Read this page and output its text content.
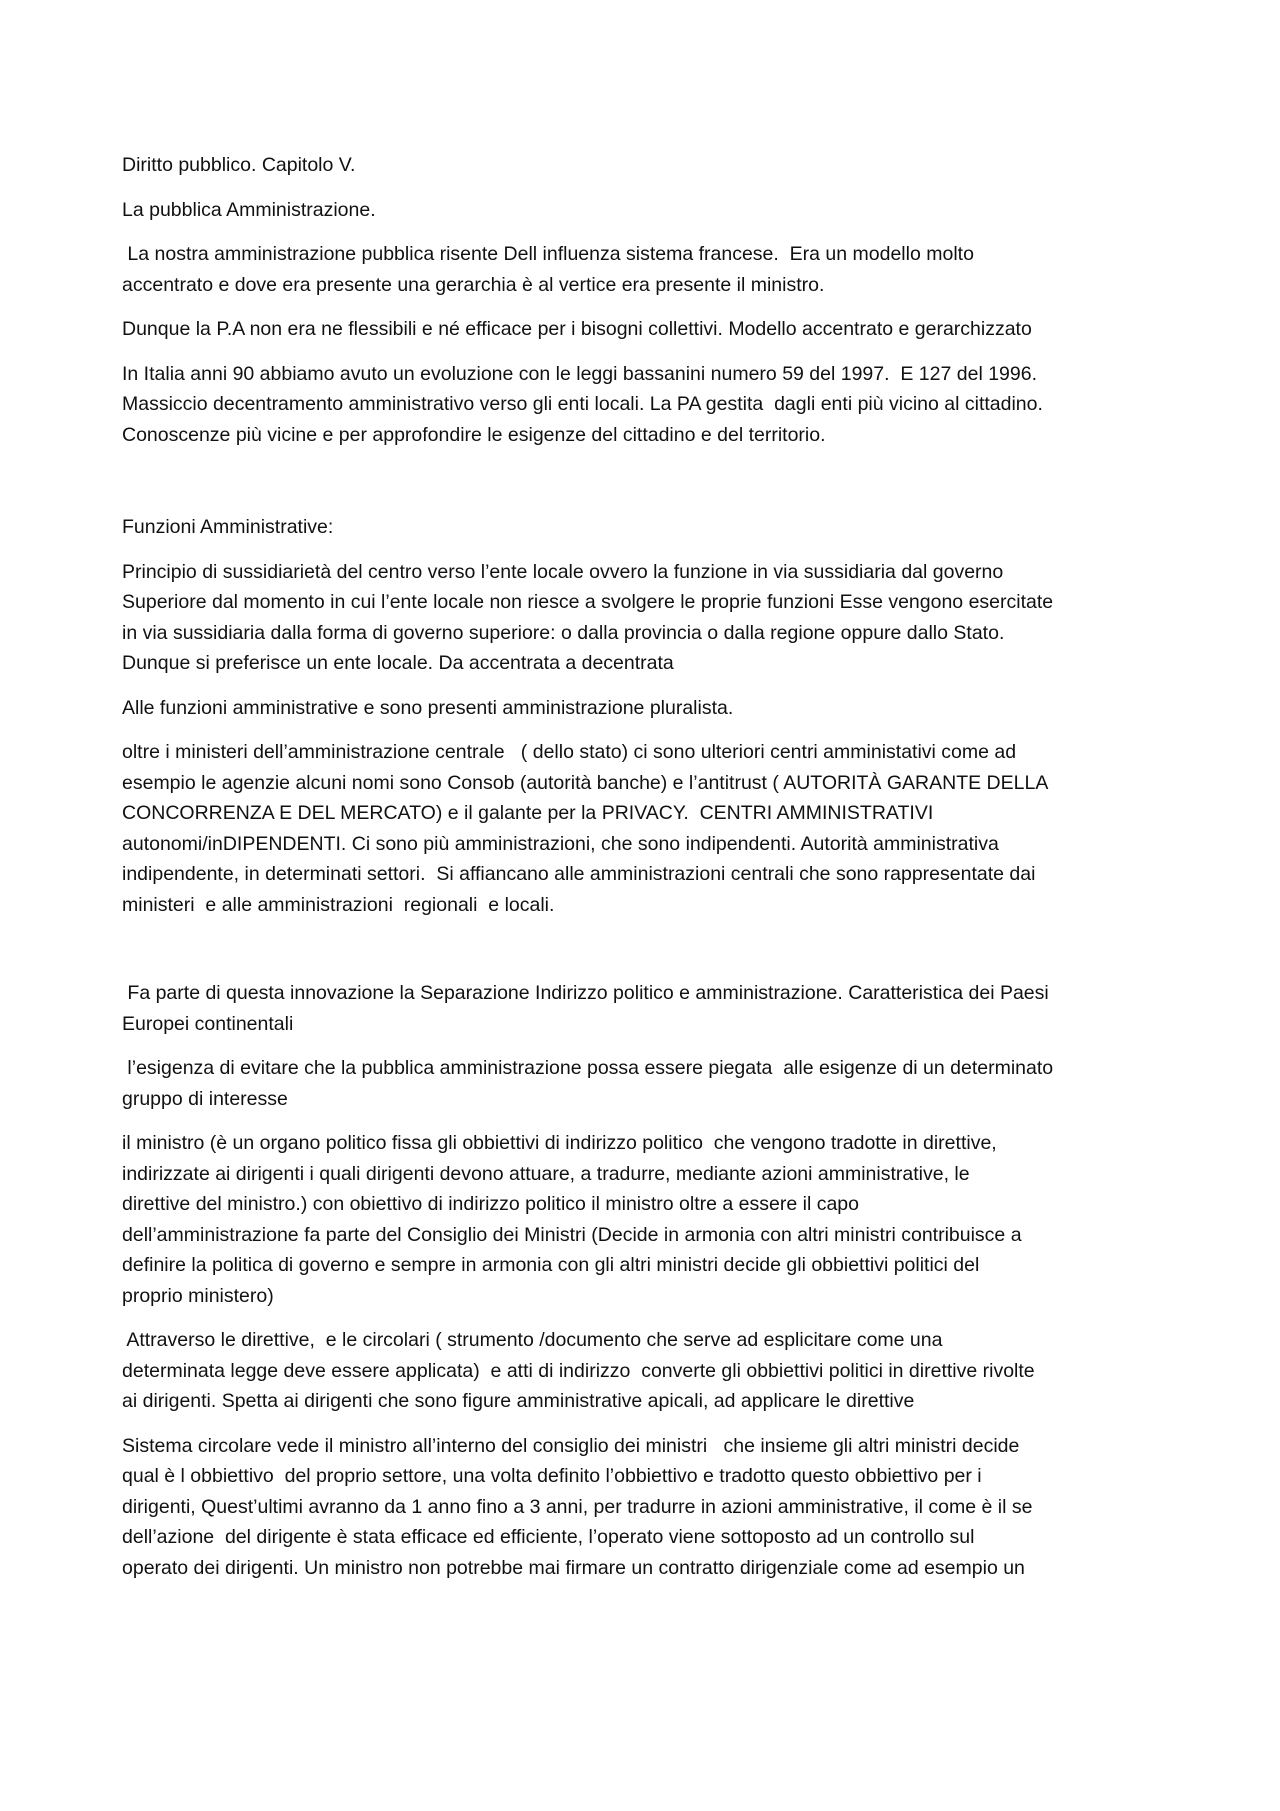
Diritto pubblico. Capitolo V.

La pubblica Amministrazione.

La nostra amministrazione pubblica risente Dell influenza sistema francese.  Era un modello molto
accentrato e dove era presente una gerarchia è al vertice era presente il ministro.

Dunque la P.A non era ne flessibili e né efficace per i bisogni collettivi. Modello accentrato e gerarchizzato

In Italia anni 90 abbiamo avuto un evoluzione con le leggi bassanini numero 59 del 1997.  E 127 del 1996.
Massiccio decentramento amministrativo verso gli enti locali. La PA gestita  dagli enti più vicino al cittadino.
Conoscenze più vicine e per approfondire le esigenze del cittadino e del territorio.

Funzioni Amministrative:

Principio di sussidiarietà del centro verso l’ente locale ovvero la funzione in via sussidiaria dal governo
Superiore dal momento in cui l’ente locale non riesce a svolgere le proprie funzioni Esse vengono esercitate
in via sussidiaria dalla forma di governo superiore: o dalla provincia o dalla regione oppure dallo Stato.
Dunque si preferisce un ente locale. Da accentrata a decentrata

Alle funzioni amministrative e sono presenti amministrazione pluralista.

oltre i ministeri dell’amministrazione centrale   ( dello stato) ci sono ulteriori centri amministativi come ad
esempio le agenzie alcuni nomi sono Consob (autorità banche) e l’antitrust ( AUTORITÀ GARANTE DELLA
CONCORRENZA E DEL MERCATO) e il galante per la PRIVACY.  CENTRI AMMINISTRATIVI
autonomi/inDIPENDENTI. Ci sono più amministrazioni, che sono indipendenti. Autorità amministrativa
indipendente, in determinati settori.  Si affiancano alle amministrazioni centrali che sono rappresentate dai
ministeri  e alle amministrazioni  regionali  e locali.

Fa parte di questa innovazione la Separazione Indirizzo politico e amministrazione. Caratteristica dei Paesi
Europei continentali

l’esigenza di evitare che la pubblica amministrazione possa essere piegata  alle esigenze di un determinato
gruppo di interesse

il ministro (è un organo politico fissa gli obbiettivi di indirizzo politico  che vengono tradotte in direttive,
indirizzate ai dirigenti i quali dirigenti devono attuare, a tradurre, mediante azioni amministrative, le
direttive del ministro.) con obiettivo di indirizzo politico il ministro oltre a essere il capo
dell’amministrazione fa parte del Consiglio dei Ministri (Decide in armonia con altri ministri contribuisce a
definire la politica di governo e sempre in armonia con gli altri ministri decide gli obbiettivi politici del
proprio ministero)

Attraverso le direttive,  e le circolari ( strumento /documento che serve ad esplicitare come una
determinata legge deve essere applicata)  e atti di indirizzo  converte gli obbiettivi politici in direttive rivolte
ai dirigenti. Spetta ai dirigenti che sono figure amministrative apicali, ad applicare le direttive

Sistema circolare vede il ministro all’interno del consiglio dei ministri   che insieme gli altri ministri decide
qual è l obbiettivo  del proprio settore, una volta definito l’obbiettivo e tradotto questo obbiettivo per i
dirigenti, Quest’ultimi avranno da 1 anno fino a 3 anni, per tradurre in azioni amministrative, il come è il se
dell’azione  del dirigente è stata efficace ed efficiente, l’operato viene sottoposto ad un controllo sul
operato dei dirigenti. Un ministro non potrebbe mai firmare un contratto dirigenziale come ad esempio un
